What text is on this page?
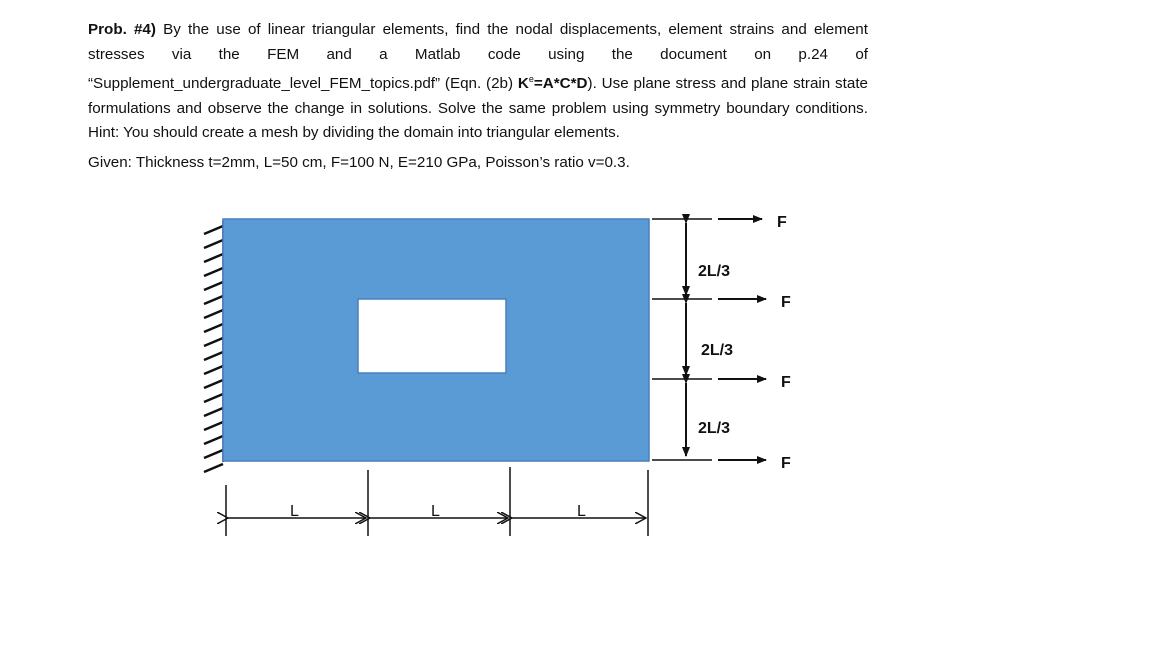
Prob. #4) By the use of linear triangular elements, find the nodal displacements, element strains and element stresses via the FEM and a Matlab code using the document on p.24 of “Supplement_undergraduate_level_FEM_topics.pdf” (Eqn. (2b) $K^e=A*C*D$). Use plane stress and plane strain state formulations and observe the change in solutions. Solve the same problem using symmetry boundary conditions. Hint: You should create a mesh by dividing the domain into triangular elements.

Given: Thickness t=2mm, L=50 cm, F=100 N, E=210 GPa, Poisson’s ratio v=0.3.
2L/3
2L/3
2L/3
F
F
F
F
L	L	L
